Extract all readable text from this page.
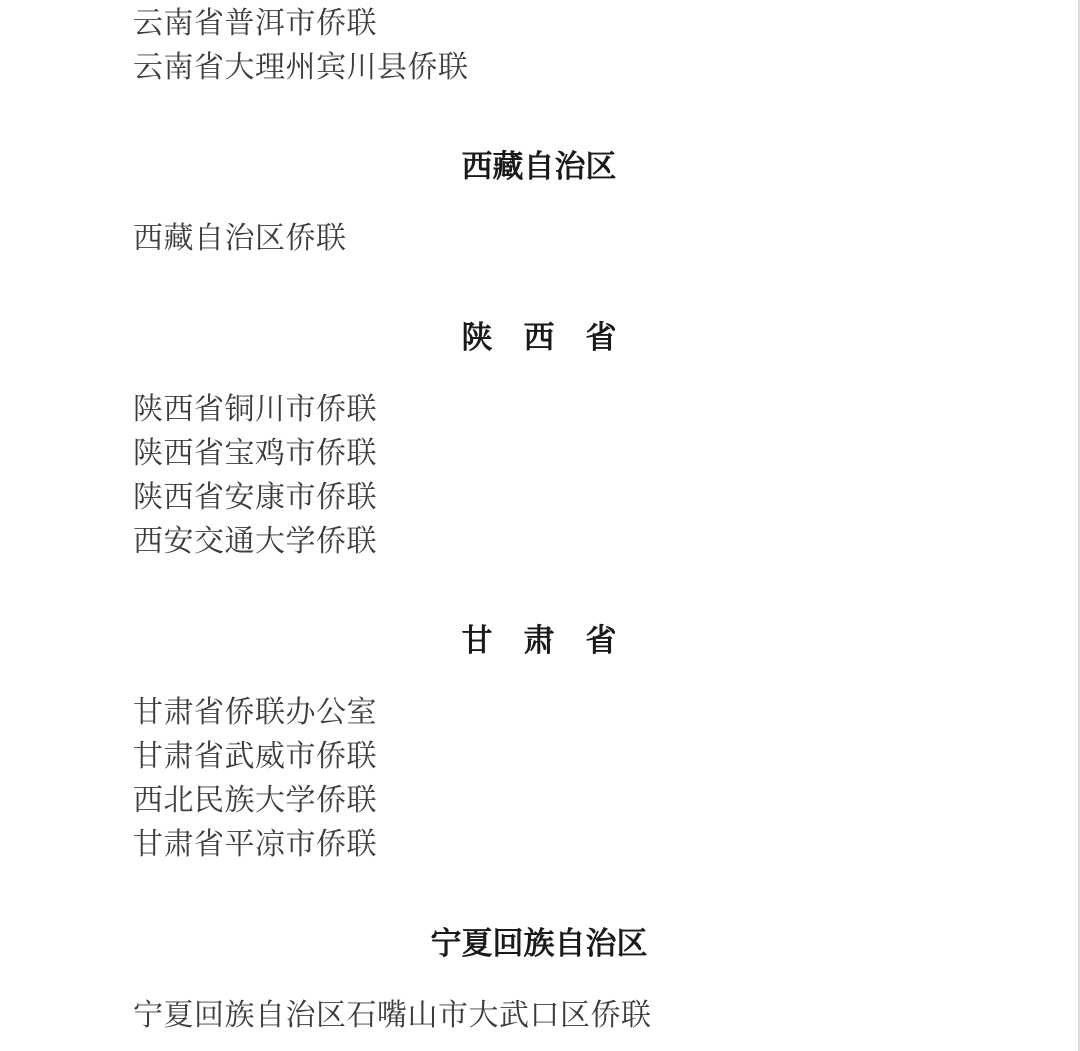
云南省普洱市侨联
云南省大理州宾川县侨联
西藏自治区
西藏自治区侨联
陕　西　省
陕西省铜川市侨联
陕西省宝鸡市侨联
陕西省安康市侨联
西安交通大学侨联
甘　肃　省
甘肃省侨联办公室
甘肃省武威市侨联
西北民族大学侨联
甘肃省平凉市侨联
宁夏回族自治区
宁夏回族自治区石嘴山市大武口区侨联
